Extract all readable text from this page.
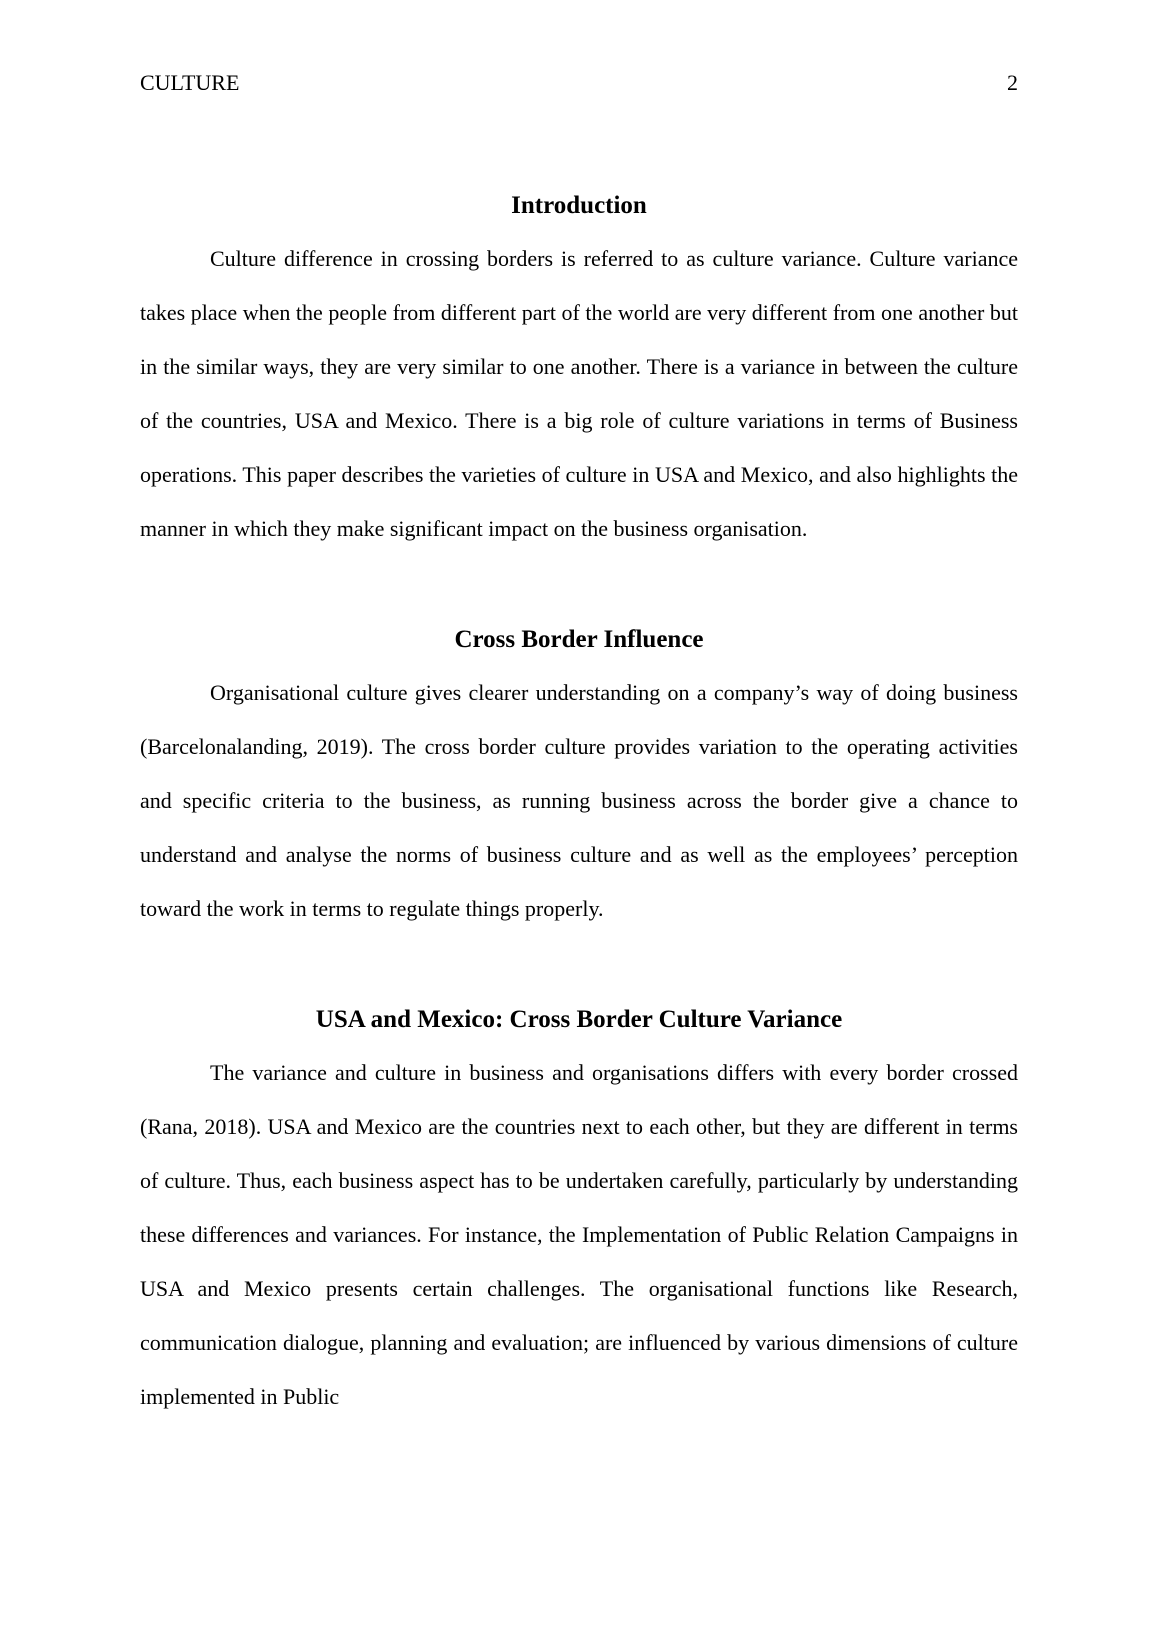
CULTURE	2
Introduction

Culture difference in crossing borders is referred to as culture variance. Culture variance takes place when the people from different part of the world are very different from one another but in the similar ways, they are very similar to one another. There is a variance in between the culture of the countries, USA and Mexico. There is a big role of culture variations in terms of Business operations. This paper describes the varieties of culture in USA and Mexico, and also highlights the manner in which they make significant impact on the business organisation.

Cross Border Influence

Organisational culture gives clearer understanding on a company’s way of doing business (Barcelonalanding, 2019). The cross border culture provides variation to the operating activities and specific criteria to the business, as running business across the border give a chance to understand and analyse the norms of business culture and as well as the employees’ perception toward the work in terms to regulate things properly.

USA and Mexico: Cross Border Culture Variance

The variance and culture in business and organisations differs with every border crossed (Rana, 2018). USA and Mexico are the countries next to each other, but they are different in terms of culture. Thus, each business aspect has to be undertaken carefully, particularly by understanding these differences and variances. For instance, the Implementation of Public Relation Campaigns in USA and Mexico presents certain challenges. The organisational functions like Research, communication dialogue, planning and evaluation; are influenced by various dimensions of culture implemented in Public
